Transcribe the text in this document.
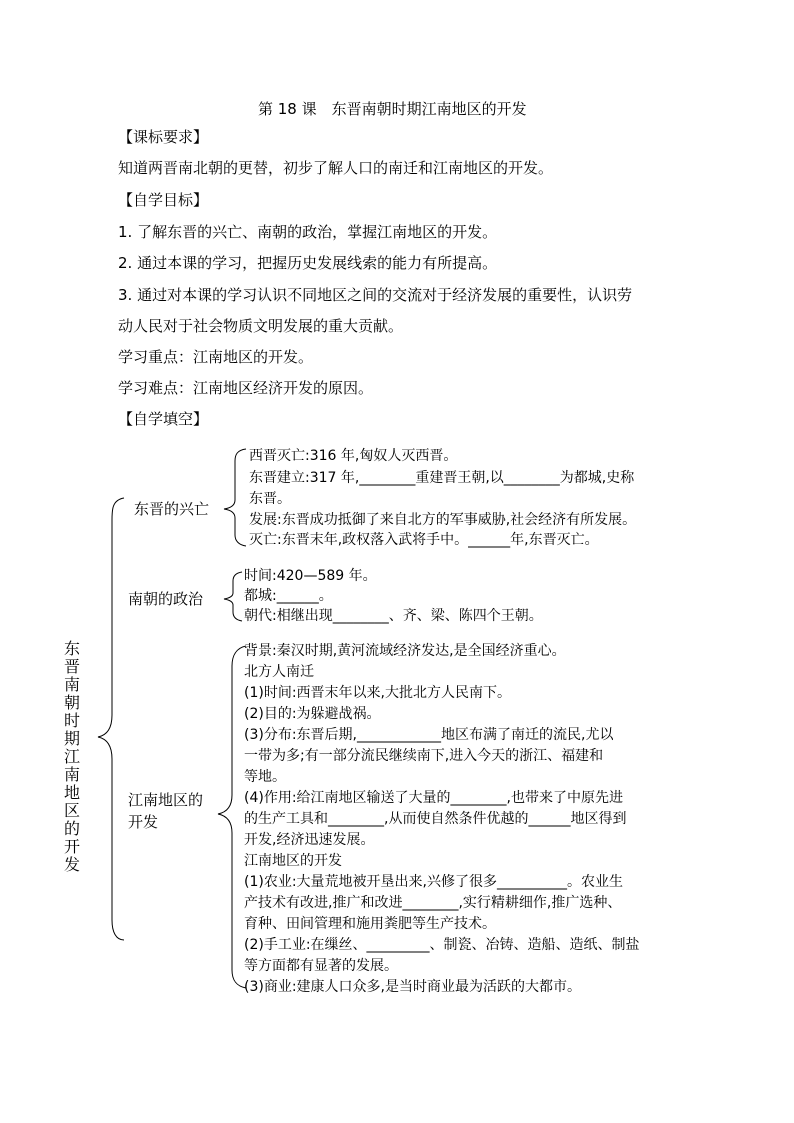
第 18 课　东晋南朝时期江南地区的开发
【课标要求】
知道两晋南北朝的更替，初步了解人口的南迁和江南地区的开发。
【自学目标】
1. 了解东晋的兴亡、南朝的政治，掌握江南地区的开发。
2. 通过本课的学习，把握历史发展线索的能力有所提高。
3. 通过对本课的学习认识不同地区之间的交流对于经济发展的重要性，认识劳
动人民对于社会物质文明发展的重大贡献。
学习重点：江南地区的开发。
学习难点：江南地区经济开发的原因。
【自学填空】
东晋南朝时期江南地区的开发
东晋的兴亡
西晋灭亡:316 年,匈奴人灭西晋。
东晋建立:317 年,________重建晋王朝,以________为都城,史称
东晋。
发展:东晋成功抵御了来自北方的军事威胁,社会经济有所发展。
灭亡:东晋末年,政权落入武将手中。______年,东晋灭亡。
南朝的政治
时间:420—589 年。
都城:______。
朝代:相继出现________、齐、梁、陈四个王朝。
江南地区的
开发
背景:秦汉时期,黄河流域经济发达,是全国经济重心。
北方人南迁
(1)时间:西晋末年以来,大批北方人民南下。
(2)目的:为躲避战祸。
(3)分布:东晋后期,____________地区布满了南迁的流民,尤以
一带为多;有一部分流民继续南下,进入今天的浙江、福建和
等地。
(4)作用:给江南地区输送了大量的________,也带来了中原先进
的生产工具和________,从而使自然条件优越的______地区得到
开发,经济迅速发展。
江南地区的开发
(1)农业:大量荒地被开垦出来,兴修了很多__________。农业生
产技术有改进,推广和改进________,实行精耕细作,推广选种、
育种、田间管理和施用粪肥等生产技术。
(2)手工业:在缫丝、_________、制瓷、冶铸、造船、造纸、制盐
等方面都有显著的发展。
(3)商业:建康人口众多,是当时商业最为活跃的大都市。
